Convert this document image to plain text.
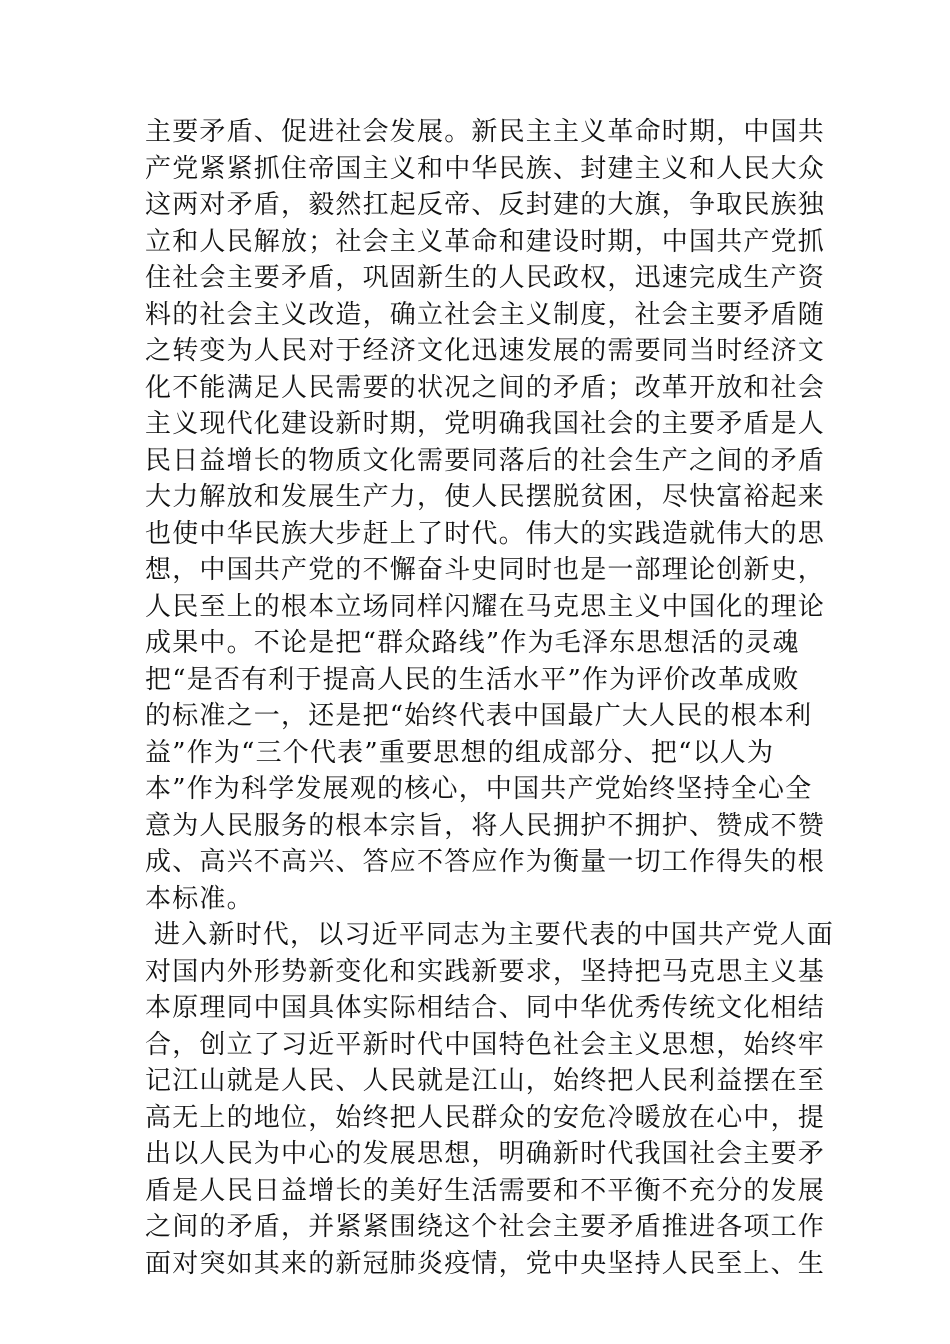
主要矛盾、促进社会发展。新民主主义革命时期，中国共
产党紧紧抓住帝国主义和中华民族、封建主义和人民大众
这两对矛盾，毅然扛起反帝、反封建的大旗，争取民族独
立和人民解放；社会主义革命和建设时期，中国共产党抓
住社会主要矛盾，巩固新生的人民政权，迅速完成生产资
料的社会主义改造，确立社会主义制度，社会主要矛盾随
之转变为人民对于经济文化迅速发展的需要同当时经济文
化不能满足人民需要的状况之间的矛盾；改革开放和社会
主义现代化建设新时期，党明确我国社会的主要矛盾是人
民日益增长的物质文化需要同落后的社会生产之间的矛盾
大力解放和发展生产力，使人民摆脱贫困，尽快富裕起来
也使中华民族大步赶上了时代。伟大的实践造就伟大的思
想，中国共产党的不懈奋斗史同时也是一部理论创新史，
人民至上的根本立场同样闪耀在马克思主义中国化的理论
成果中。不论是把“群众路线”作为毛泽东思想活的灵魂
把“是否有利于提高人民的生活水平”作为评价改革成败
的标准之一，还是把“始终代表中国最广大人民的根本利
益”作为“三个代表”重要思想的组成部分、把“以人为
本”作为科学发展观的核心，中国共产党始终坚持全心全
意为人民服务的根本宗旨，将人民拥护不拥护、赞成不赞
成、高兴不高兴、答应不答应作为衡量一切工作得失的根
本标准。
进入新时代，以习近平同志为主要代表的中国共产党人面
对国内外形势新变化和实践新要求，坚持把马克思主义基
本原理同中国具体实际相结合、同中华优秀传统文化相结
合，创立了习近平新时代中国特色社会主义思想，始终牢
记江山就是人民、人民就是江山，始终把人民利益摆在至
高无上的地位，始终把人民群众的安危冷暖放在心中，提
出以人民为中心的发展思想，明确新时代我国社会主要矛
盾是人民日益增长的美好生活需要和不平衡不充分的发展
之间的矛盾，并紧紧围绕这个社会主要矛盾推进各项工作
面对突如其来的新冠肺炎疫情，党中央坚持人民至上、生
